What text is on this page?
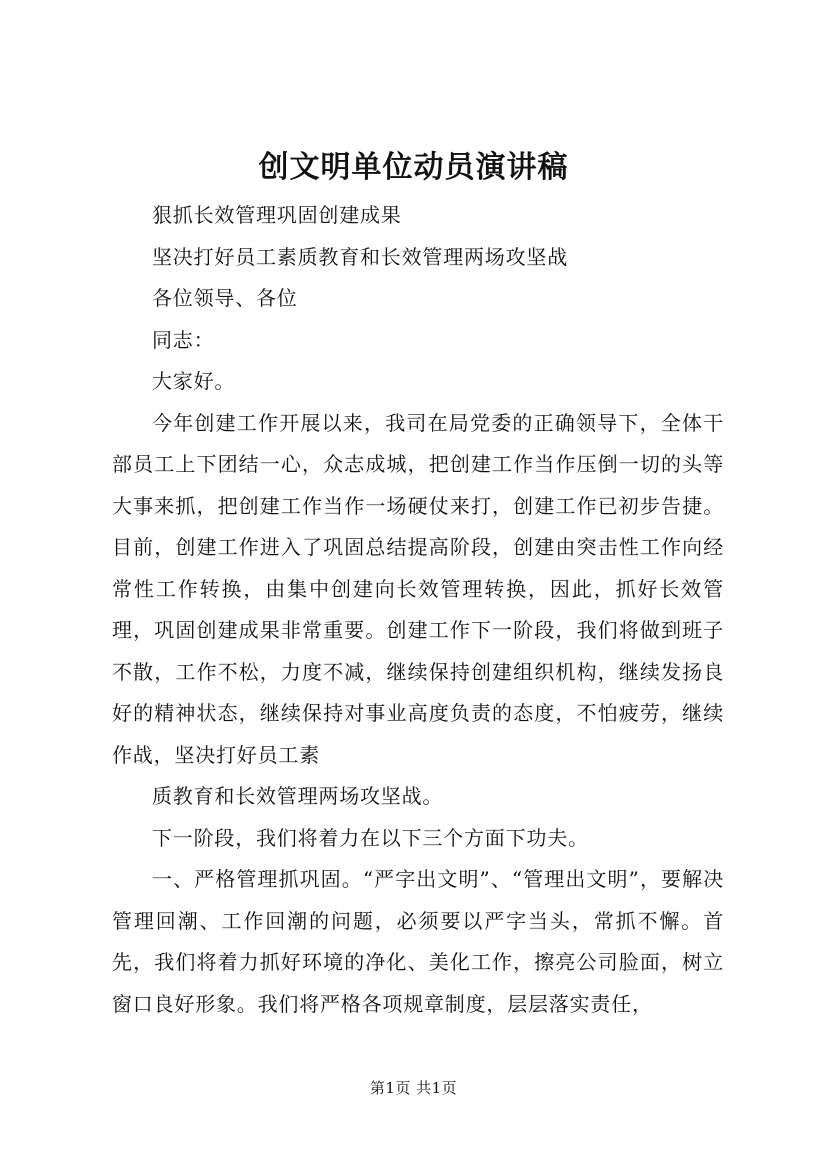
创文明单位动员演讲稿

狠抓长效管理巩固创建成果

坚决打好员工素质教育和长效管理两场攻坚战

各位领导、各位

同志：

大家好。

今年创建工作开展以来，我司在局党委的正确领导下，全体干部员工上下团结一心，众志成城，把创建工作当作压倒一切的头等大事来抓，把创建工作当作一场硬仗来打，创建工作已初步告捷。目前，创建工作进入了巩固总结提高阶段，创建由突击性工作向经常性工作转换，由集中创建向长效管理转换，因此，抓好长效管理，巩固创建成果非常重要。创建工作下一阶段，我们将做到班子不散，工作不松，力度不减，继续保持创建组织机构，继续发扬良好的精神状态，继续保持对事业高度负责的态度，不怕疲劳，继续作战，坚决打好员工素

质教育和长效管理两场攻坚战。

下一阶段，我们将着力在以下三个方面下功夫。

一、严格管理抓巩固。“严字出文明”、“管理出文明”，要解决管理回潮、工作回潮的问题，必须要以严字当头，常抓不懈。首先，我们将着力抓好环境的净化、美化工作，擦亮公司脸面，树立窗口良好形象。我们将严格各项规章制度，层层落实责任，

第1页 共1页
